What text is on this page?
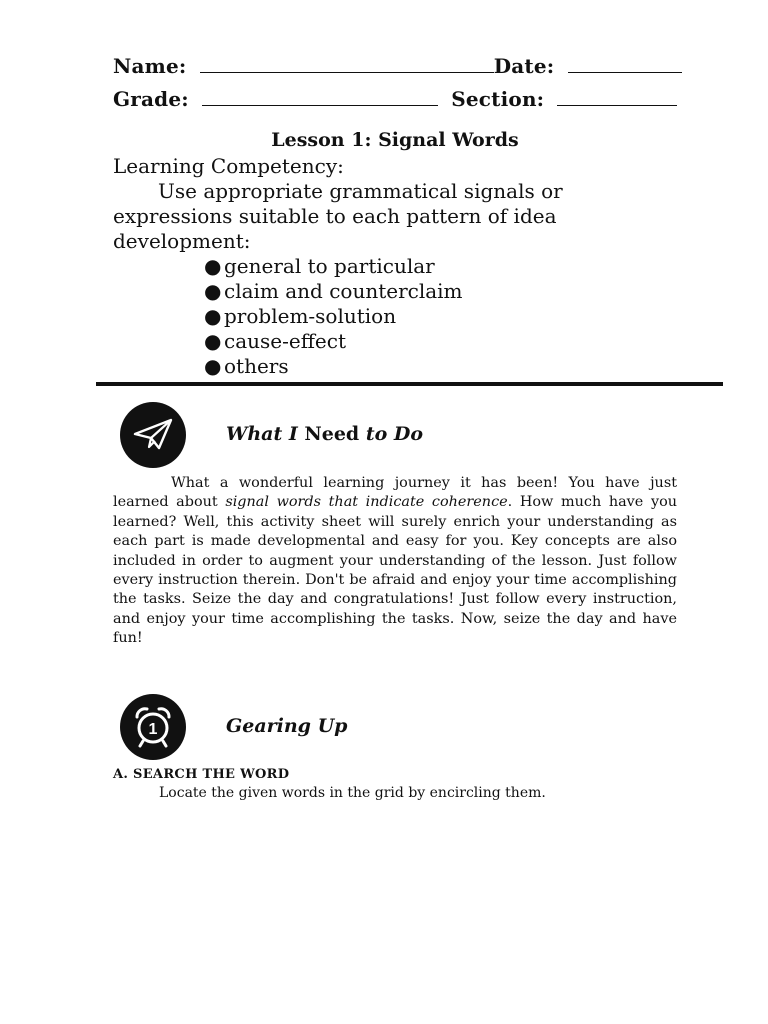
Name:	Date:
Grade:	Section:
Lesson 1: Signal Words
Learning Competency:
Use appropriate grammatical signals or expressions suitable to each pattern of idea development:
● general to particular
● claim and counterclaim
● problem-solution
● cause-effect
● others
What I Need to Do

What a wonderful learning journey it has been! You have just learned about signal words that indicate coherence. How much have you learned? Well, this activity sheet will surely enrich your understanding as each part is made developmental and easy for you. Key concepts are also included in order to augment your understanding of the lesson. Just follow every instruction therein. Don't be afraid and enjoy your time accomplishing the tasks. Seize the day and congratulations! Just follow every instruction, and enjoy your time accomplishing the tasks. Now, seize the day and have fun!

1	Gearing Up
A. SEARCH THE WORD
Locate the given words in the grid by encircling them.
